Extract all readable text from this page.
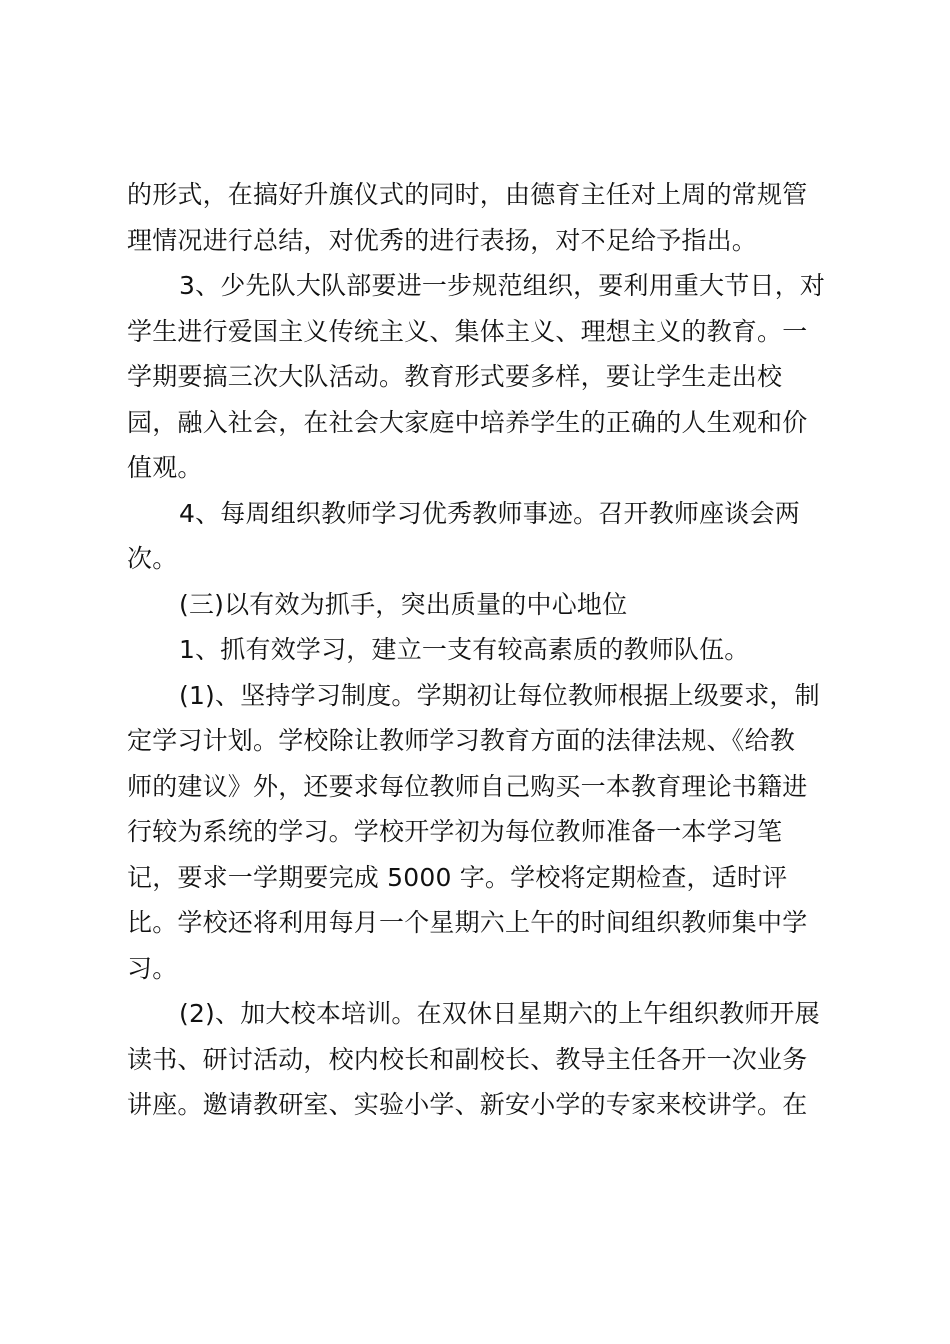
的形式，在搞好升旗仪式的同时，由德育主任对上周的常规管
理情况进行总结，对优秀的进行表扬，对不足给予指出。
3、少先队大队部要进一步规范组织，要利用重大节日，对
学生进行爱国主义传统主义、集体主义、理想主义的教育。一
学期要搞三次大队活动。教育形式要多样，要让学生走出校
园，融入社会，在社会大家庭中培养学生的正确的人生观和价
值观。
4、每周组织教师学习优秀教师事迹。召开教师座谈会两
次。
(三)以有效为抓手，突出质量的中心地位
1、抓有效学习，建立一支有较高素质的教师队伍。
(1)、坚持学习制度。学期初让每位教师根据上级要求，制
定学习计划。学校除让教师学习教育方面的法律法规、《给教
师的建议》外，还要求每位教师自己购买一本教育理论书籍进
行较为系统的学习。学校开学初为每位教师准备一本学习笔
记，要求一学期要完成 5000 字。学校将定期检查，适时评
比。学校还将利用每月一个星期六上午的时间组织教师集中学
习。
(2)、加大校本培训。在双休日星期六的上午组织教师开展
读书、研讨活动，校内校长和副校长、教导主任各开一次业务
讲座。邀请教研室、实验小学、新安小学的专家来校讲学。在
